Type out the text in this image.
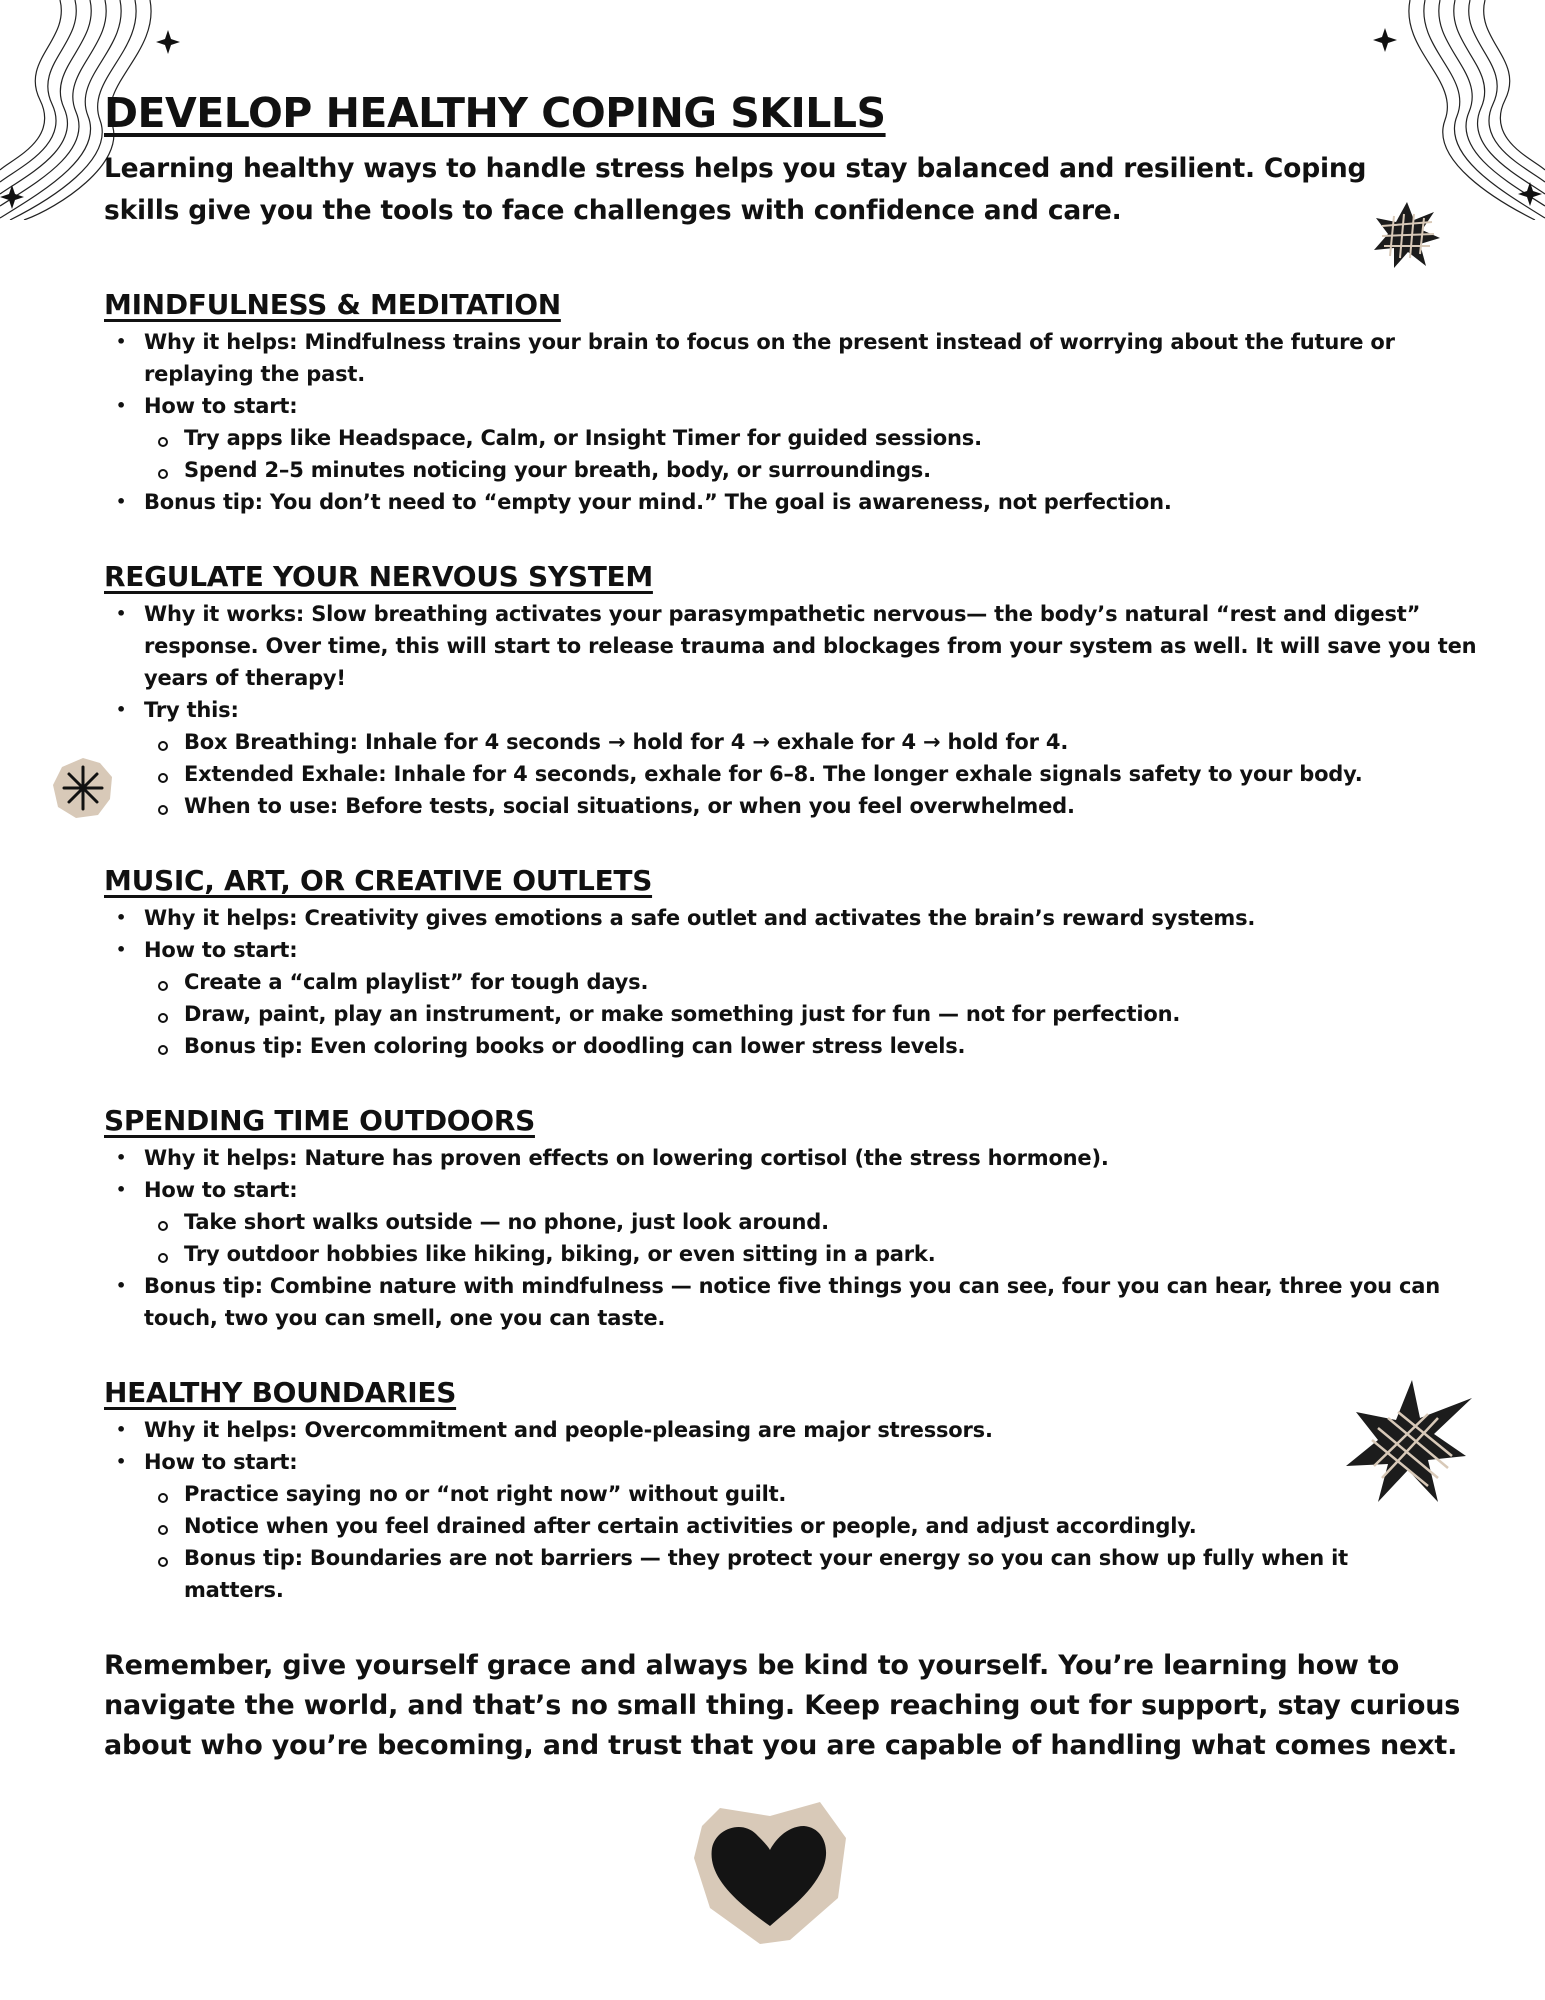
DEVELOP HEALTHY COPING SKILLS

Learning healthy ways to handle stress helps you stay balanced and resilient. Coping skills give you the tools to face challenges with confidence and care.

MINDFULNESS & MEDITATION
• Why it helps: Mindfulness trains your brain to focus on the present instead of worrying about the future or replaying the past.
• How to start:
Try apps like Headspace, Calm, or Insight Timer for guided sessions.
Spend 2–5 minutes noticing your breath, body, or surroundings.
• Bonus tip: You don’t need to “empty your mind.” The goal is awareness, not perfection.
REGULATE YOUR NERVOUS SYSTEM
• Why it works: Slow breathing activates your parasympathetic nervous— the body’s natural “rest and digest” response. Over time, this will start to release trauma and blockages from your system as well. It will save you ten years of therapy!
• Try this:
Box Breathing: Inhale for 4 seconds → hold for 4 → exhale for 4 → hold for 4.
Extended Exhale: Inhale for 4 seconds, exhale for 6–8. The longer exhale signals safety to your body.
When to use: Before tests, social situations, or when you feel overwhelmed.
MUSIC, ART, OR CREATIVE OUTLETS
• Why it helps: Creativity gives emotions a safe outlet and activates the brain’s reward systems.
• How to start:
Create a “calm playlist” for tough days.
Draw, paint, play an instrument, or make something just for fun — not for perfection.
Bonus tip: Even coloring books or doodling can lower stress levels.
SPENDING TIME OUTDOORS
• Why it helps: Nature has proven effects on lowering cortisol (the stress hormone).
• How to start:
Take short walks outside — no phone, just look around.
Try outdoor hobbies like hiking, biking, or even sitting in a park.
• Bonus tip: Combine nature with mindfulness — notice five things you can see, four you can hear, three you can touch, two you can smell, one you can taste.
HEALTHY BOUNDARIES
• Why it helps: Overcommitment and people-pleasing are major stressors.
• How to start:
Practice saying no or “not right now” without guilt.
Notice when you feel drained after certain activities or people, and adjust accordingly.
Bonus tip: Boundaries are not barriers — they protect your energy so you can show up fully when it matters.

Remember, give yourself grace and always be kind to yourself. You’re learning how to navigate the world, and that’s no small thing. Keep reaching out for support, stay curious about who you’re becoming, and trust that you are capable of handling what comes next.
